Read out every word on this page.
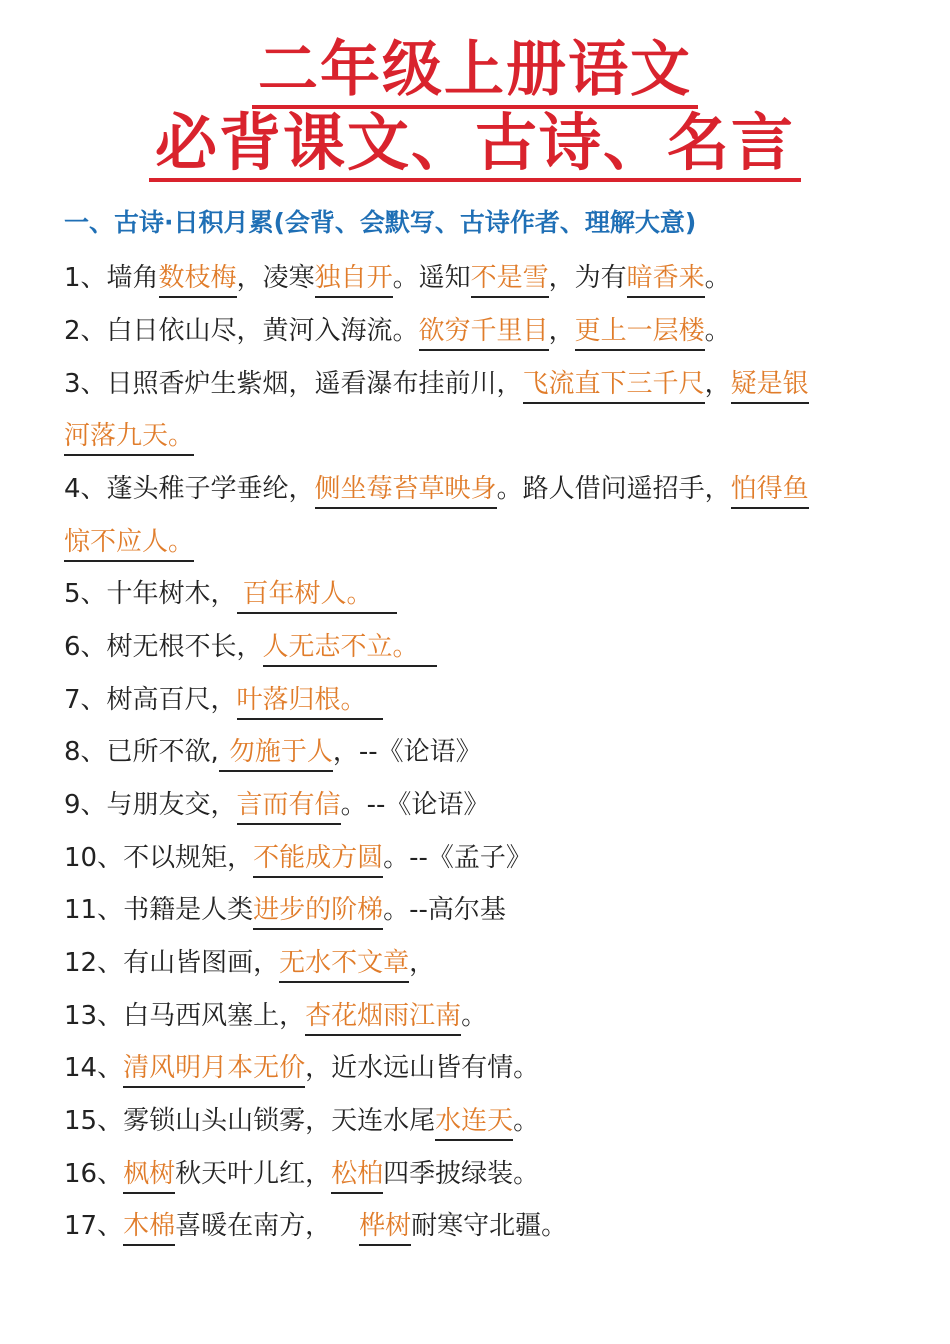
二年级上册语文
必背课文、古诗、名言
一、古诗·日积月累(会背、会默写、古诗作者、理解大意)
1、墙角数枝梅，凌寒独自开。遥知不是雪，为有暗香来。
2、白日依山尽，黄河入海流。欲穷千里目，更上一层楼。
3、日照香炉生紫烟，遥看瀑布挂前川，飞流直下三千尺，疑是银
河落九天。
4、蓬头稚子学垂纶，侧坐莓苔草映身。路人借问遥招手，怕得鱼
惊不应人。
5、十年树木， 百年树人。
6、树无根不长，人无志不立。
7、树高百尺，叶落归根。
8、已所不欲, 勿施于人，--《论语》
9、与朋友交，言而有信。--《论语》
10、不以规矩，不能成方圆。--《孟子》
11、书籍是人类进步的阶梯。--高尔基
12、有山皆图画，无水不文章，
13、白马西风塞上，杏花烟雨江南。
14、清风明月本无价，近水远山皆有情。
15、雾锁山头山锁雾，天连水尾水连天。
16、枫树秋天叶儿红，松柏四季披绿装。
17、木棉喜暖在南方， 桦树耐寒守北疆。
